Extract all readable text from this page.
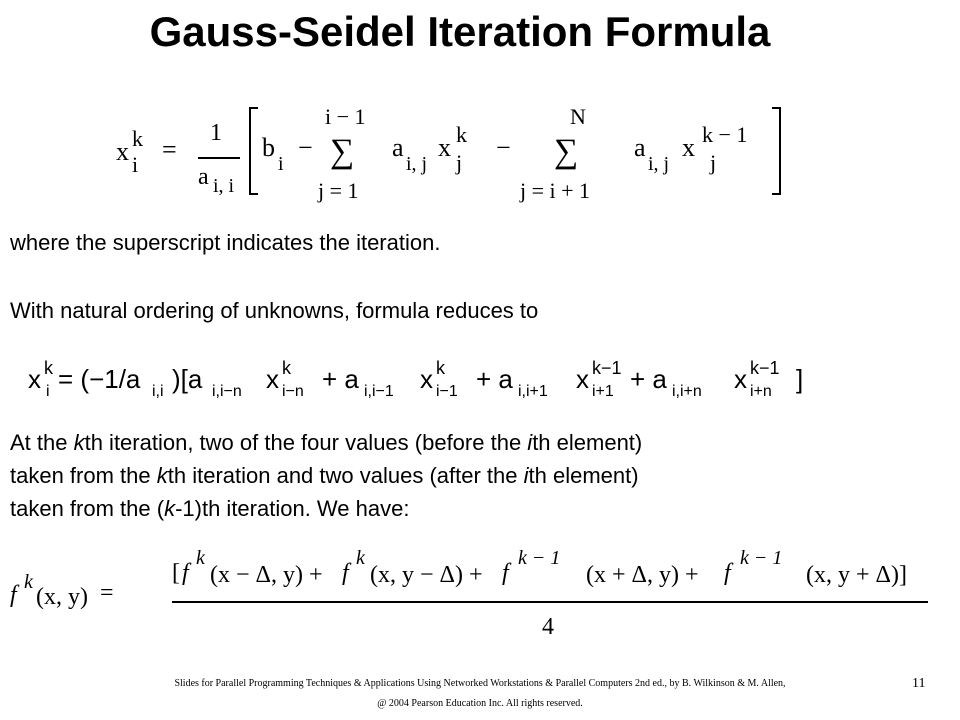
Gauss-Seidel Iteration Formula
x k
i
=
1
a i, i
b
i
−
i − 1
∑
j = 1
a
i, j
x k
j
−
N
∑
j = i + 1
a
i, j
x k − 1
j
where the superscript indicates the iteration.
With natural ordering of unknowns, formula reduces to
x k
i = (−1/a i,i )[a i,i−n x k
i−n + a i,i−1 x k
i−1 + a i,i+1 x k−1
i+1 + a i,i+n x k−1
i+n ]
At the kth iteration, two of the four values (before the ith element)
taken from the kth iteration and two values (after the ith element)
taken from the (k-1)th iteration. We have:
f k
(x, y) =
[ f
k
(x − Δ, y) + f
k
(x, y − Δ) + f
k − 1
(x + Δ, y) + f
k − 1
(x, y + Δ)]
4
Slides for Parallel Programming Techniques & Applications Using Networked Workstations & Parallel Computers 2nd ed., by B. Wilkinson & M. Allen,
@ 2004 Pearson Education Inc. All rights reserved.
11
